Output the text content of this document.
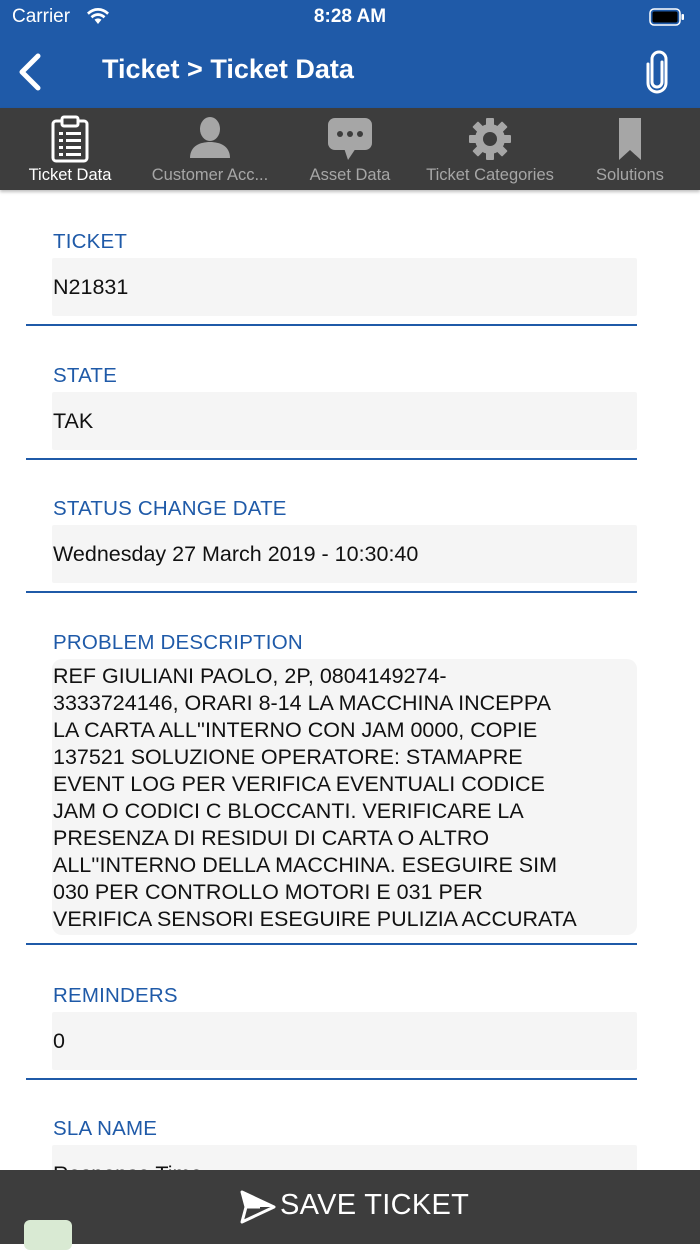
Carrier	8:28 AM
Ticket > Ticket Data
Ticket Data	Customer Acc...	Asset Data	Ticket Categories	Solutions
TICKET
N21831
STATE
TAK
STATUS CHANGE DATE
Wednesday 27 March 2019 - 10:30:40
PROBLEM DESCRIPTION
REF GIULIANI PAOLO, 2P, 0804149274-
3333724146, ORARI 8-14 LA MACCHINA INCEPPA
LA CARTA ALL''INTERNO CON JAM 0000, COPIE
137521 SOLUZIONE OPERATORE: STAMAPRE
EVENT LOG PER VERIFICA EVENTUALI CODICE
JAM O CODICI C BLOCCANTI. VERIFICARE LA
PRESENZA DI RESIDUI DI CARTA O ALTRO
ALL''INTERNO DELLA MACCHINA. ESEGUIRE SIM
030 PER CONTROLLO MOTORI E 031 PER
VERIFICA SENSORI ESEGUIRE PULIZIA ACCURATA
REMINDERS
0
SLA NAME
SAVE TICKET
